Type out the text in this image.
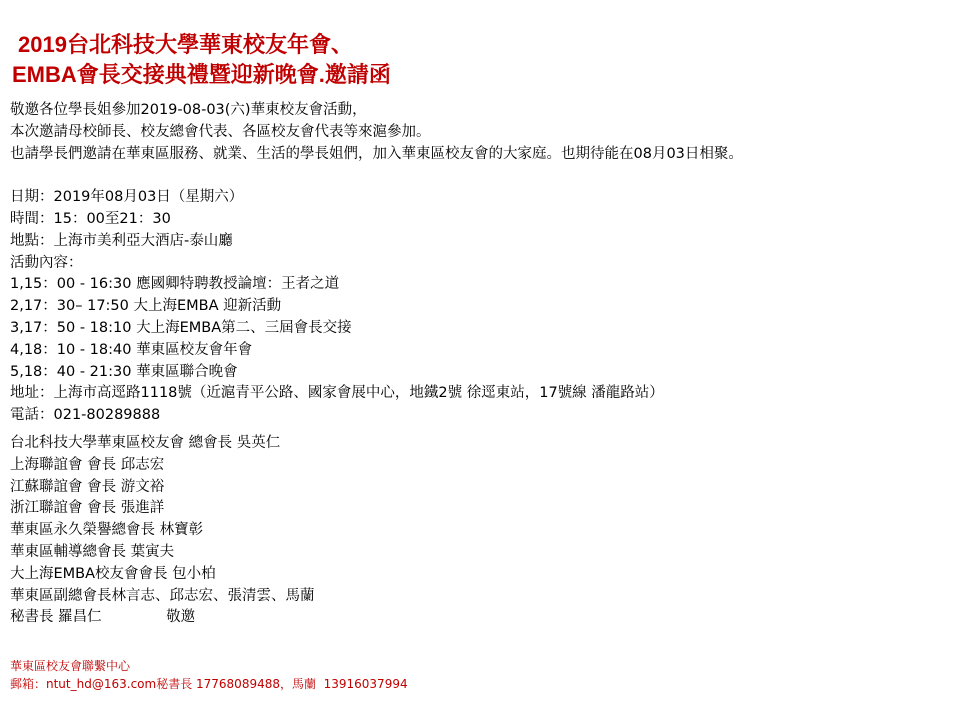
2019台北科技大學華東校友年會、
EMBA會長交接典禮暨迎新晚會.邀請函
敬邀各位學長姐參加2019-08-03(六)華東校友會活動，
本次邀請母校師長、校友總會代表、各區校友會代表等來滬參加。
也請學長們邀請在華東區服務、就業、生活的學長姐們，加入華東區校友會的大家庭。也期待能在08月03日相聚。
日期：2019年08月03日（星期六）
時間：15：00至21：30
地點：上海市美利亞大酒店-泰山廳
活動內容：
1,15：00 - 16:30 應國卿特聘教授論壇：王者之道
2,17：30– 17:50 大上海EMBA 迎新活動
3,17：50 - 18:10 大上海EMBA第二、三屆會長交接
4,18：10 - 18:40 華東區校友會年會
5,18：40 - 21:30 華東區聯合晚會
地址：上海市高逕路1118號（近滬青平公路、國家會展中心，地鐵2號 徐逕東站，17號線 潘龍路站）
電話：021-80289888
台北科技大學華東區校友會 總會長 吳英仁
上海聯誼會 會長 邱志宏
江蘇聯誼會 會長 游文裕
浙江聯誼會 會長 張進詳
華東區永久榮譽總會長 林寶彰
華東區輔導總會長 葉寅夫
大上海EMBA校友會會長 包小柏
華東區副總會長林言志、邱志宏、張清雲、馬蘭
秘書長 羅昌仁              敬邀
華東區校友會聯繫中心
郵箱：ntut_hd@163.com秘書長 17768089488，馬蘭  13916037994
